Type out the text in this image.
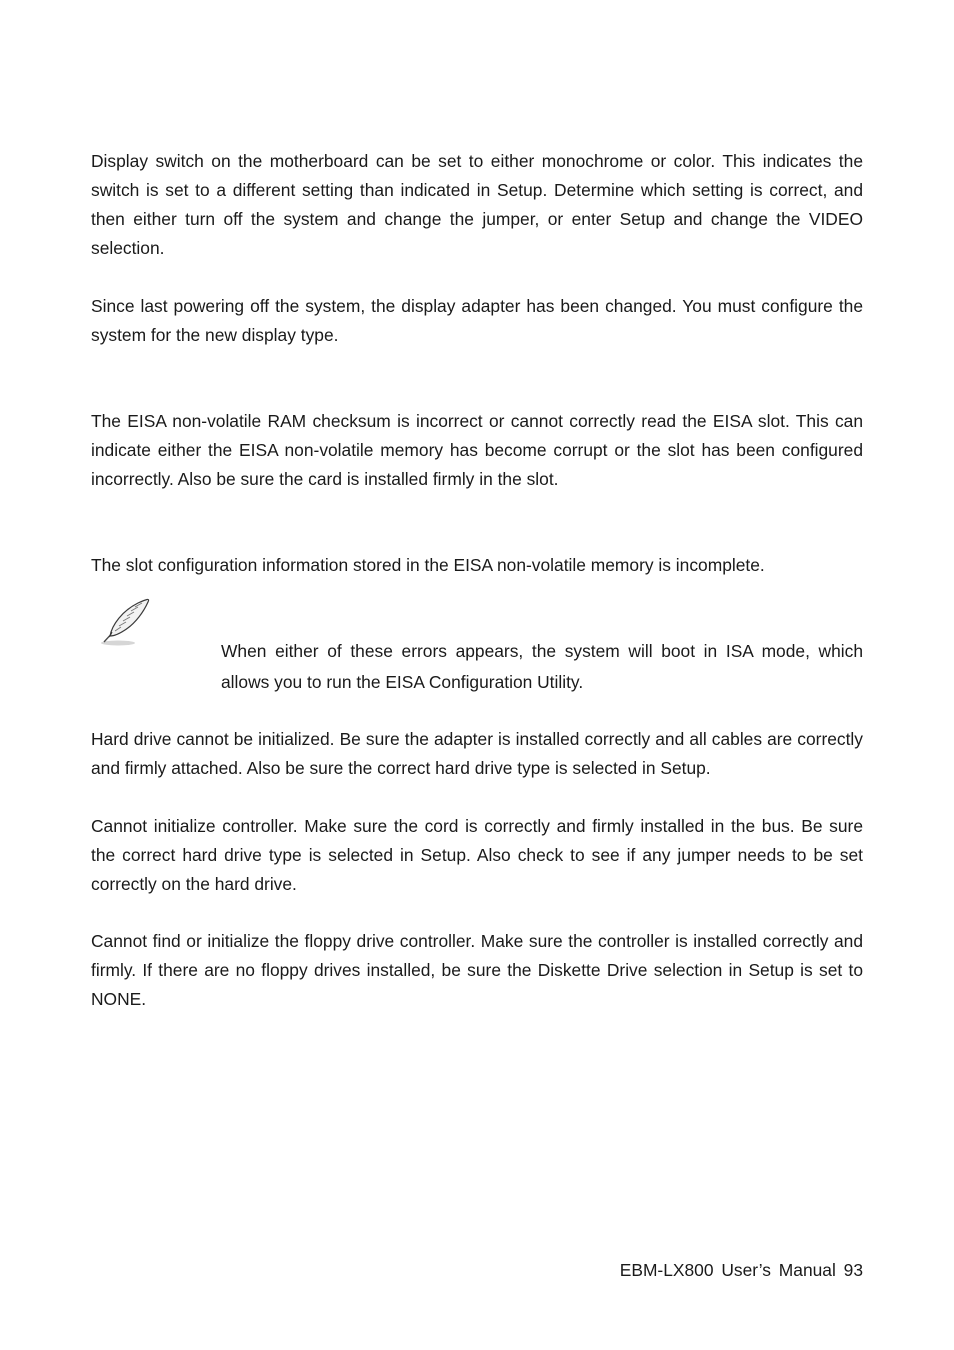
Display switch on the motherboard can be set to either monochrome or color. This indicates the switch is set to a different setting than indicated in Setup. Determine which setting is correct, and then either turn off the system and change the jumper, or enter Setup and change the VIDEO selection.

Since last powering off the system, the display adapter has been changed. You must configure the system for the new display type.

The EISA non-volatile RAM checksum is incorrect or cannot correctly read the EISA slot. This can indicate either the EISA non-volatile memory has become corrupt or the slot has been configured incorrectly. Also be sure the card is installed firmly in the slot.

The slot configuration information stored in the EISA non-volatile memory is incomplete.

When either of these errors appears, the system will boot in ISA mode, which allows you to run the EISA Configuration Utility.

Hard drive cannot be initialized. Be sure the adapter is installed correctly and all cables are correctly and firmly attached. Also be sure the correct hard drive type is selected in Setup.

Cannot initialize controller. Make sure the cord is correctly and firmly installed in the bus. Be sure the correct hard drive type is selected in Setup. Also check to see if any jumper needs to be set correctly on the hard drive.

Cannot find or initialize the floppy drive controller. Make sure the controller is installed correctly and firmly. If there are no floppy drives installed, be sure the Diskette Drive selection in Setup is set to NONE.

EBM-LX800 User’s Manual 93
